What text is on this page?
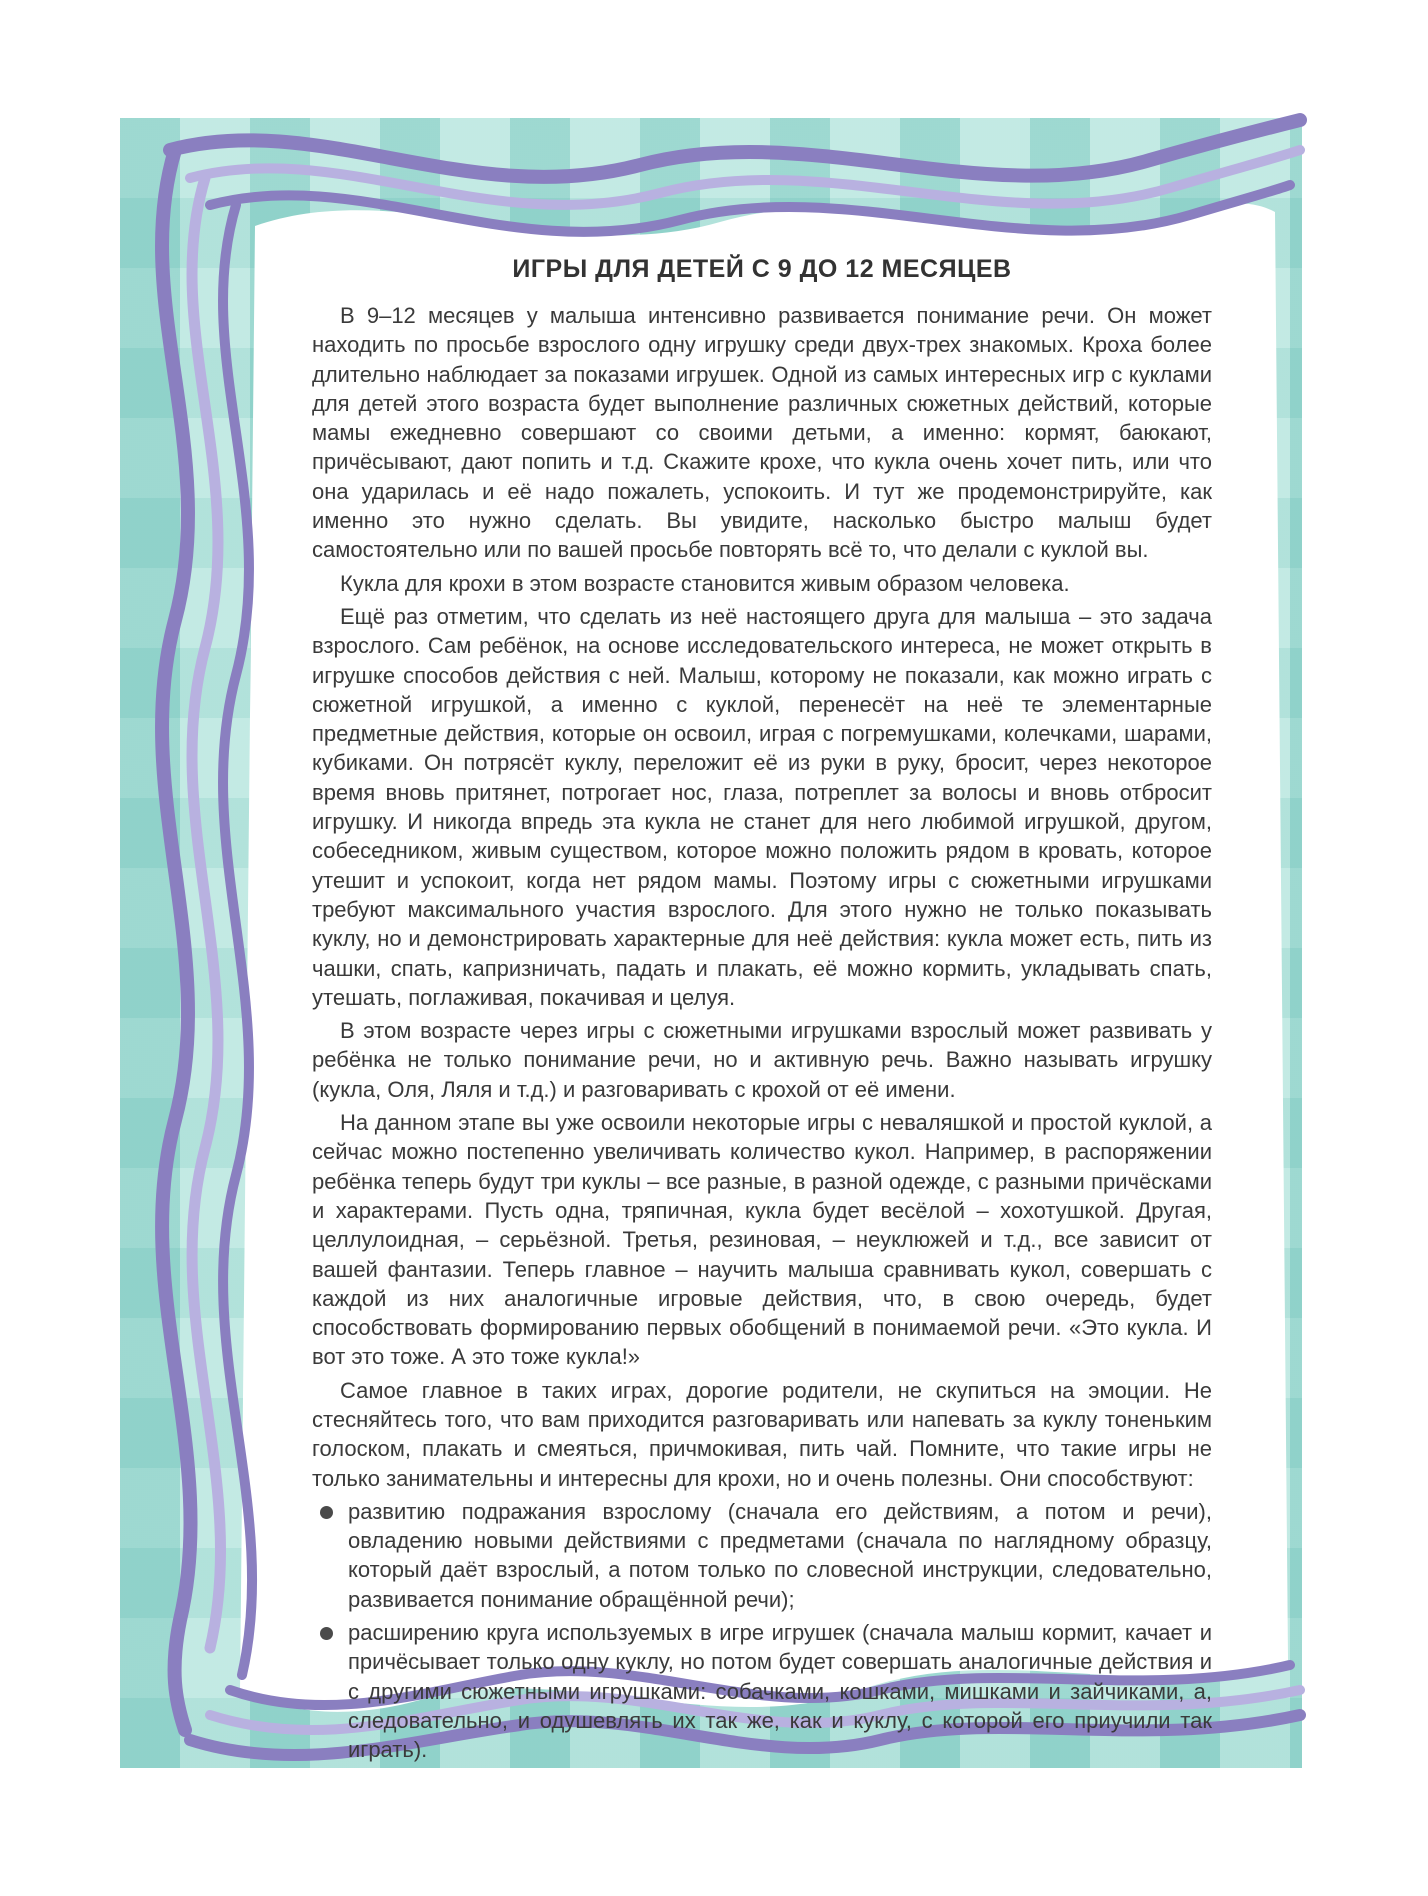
ИГРЫ ДЛЯ ДЕТЕЙ С 9 ДО 12 МЕСЯЦЕВ

В 9–12 месяцев у малыша интенсивно развивается понимание речи. Он может находить по просьбе взрослого одну игрушку среди двух-трех знакомых. Кроха более длительно наблюдает за показами игрушек. Одной из самых интересных игр с куклами для детей этого возраста будет выполнение различных сюжетных действий, которые мамы ежедневно совершают со своими детьми, а именно: кормят, баюкают, причёсывают, дают попить и т.д. Скажите крохе, что кукла очень хочет пить, или что она ударилась и её надо пожалеть, успокоить. И тут же продемонстрируйте, как именно это нужно сделать. Вы увидите, насколько быстро малыш будет самостоятельно или по вашей просьбе повторять всё то, что делали с куклой вы.

Кукла для крохи в этом возрасте становится живым образом человека.

Ещё раз отметим, что сделать из неё настоящего друга для малыша – это задача взрослого. Сам ребёнок, на основе исследовательского интереса, не может открыть в игрушке способов действия с ней. Малыш, которому не показали, как можно играть с сюжетной игрушкой, а именно с куклой, перенесёт на неё те элементарные предметные действия, которые он освоил, играя с погремушками, колечками, шарами, кубиками. Он потрясёт куклу, переложит её из руки в руку, бросит, через некоторое время вновь притянет, потрогает нос, глаза, потреплет за волосы и вновь отбросит игрушку. И никогда впредь эта кукла не станет для него любимой игрушкой, другом, собеседником, живым существом, которое можно положить рядом в кровать, которое утешит и успокоит, когда нет рядом мамы. Поэтому игры с сюжетными игрушками требуют максимального участия взрослого. Для этого нужно не только показывать куклу, но и демонстрировать характерные для неё действия: кукла может есть, пить из чашки, спать, капризничать, падать и плакать, её можно кормить, укладывать спать, утешать, поглаживая, покачивая и целуя.

В этом возрасте через игры с сюжетными игрушками взрослый может развивать у ребёнка не только понимание речи, но и активную речь. Важно называть игрушку (кукла, Оля, Ляля и т.д.) и разговаривать с крохой от её имени.

На данном этапе вы уже освоили некоторые игры с неваляшкой и простой куклой, а сейчас можно постепенно увеличивать количество кукол. Например, в распоряжении ребёнка теперь будут три куклы – все разные, в разной одежде, с разными причёсками и характерами. Пусть одна, тряпичная, кукла будет весёлой – хохотушкой. Другая, целлулоидная, – серьёзной. Третья, резиновая, – неуклюжей и т.д., все зависит от вашей фантазии. Теперь главное – научить малыша сравнивать кукол, совершать с каждой из них аналогичные игровые действия, что, в свою очередь, будет способствовать формированию первых обобщений в понимаемой речи. «Это кукла. И вот это тоже. А это тоже кукла!»

Самое главное в таких играх, дорогие родители, не скупиться на эмоции. Не стесняйтесь того, что вам приходится разговаривать или напевать за куклу тоненьким голоском, плакать и смеяться, причмокивая, пить чай. Помните, что такие игры не только занимательны и интересны для крохи, но и очень полезны. Они способствуют:

развитию подражания взрослому (сначала его действиям, а потом и речи), овладению новыми действиями с предметами (сначала по наглядному образцу, который даёт взрослый, а потом только по словесной инструкции, следовательно, развивается понимание обращённой речи);
расширению круга используемых в игре игрушек (сначала малыш кормит, качает и причёсывает только одну куклу, но потом будет совершать аналогичные действия и с другими сюжетными игрушками: собачками, кошками, мишками и зайчиками, а, следовательно, и одушевлять их так же, как и куклу, с которой его приучили так играть).
